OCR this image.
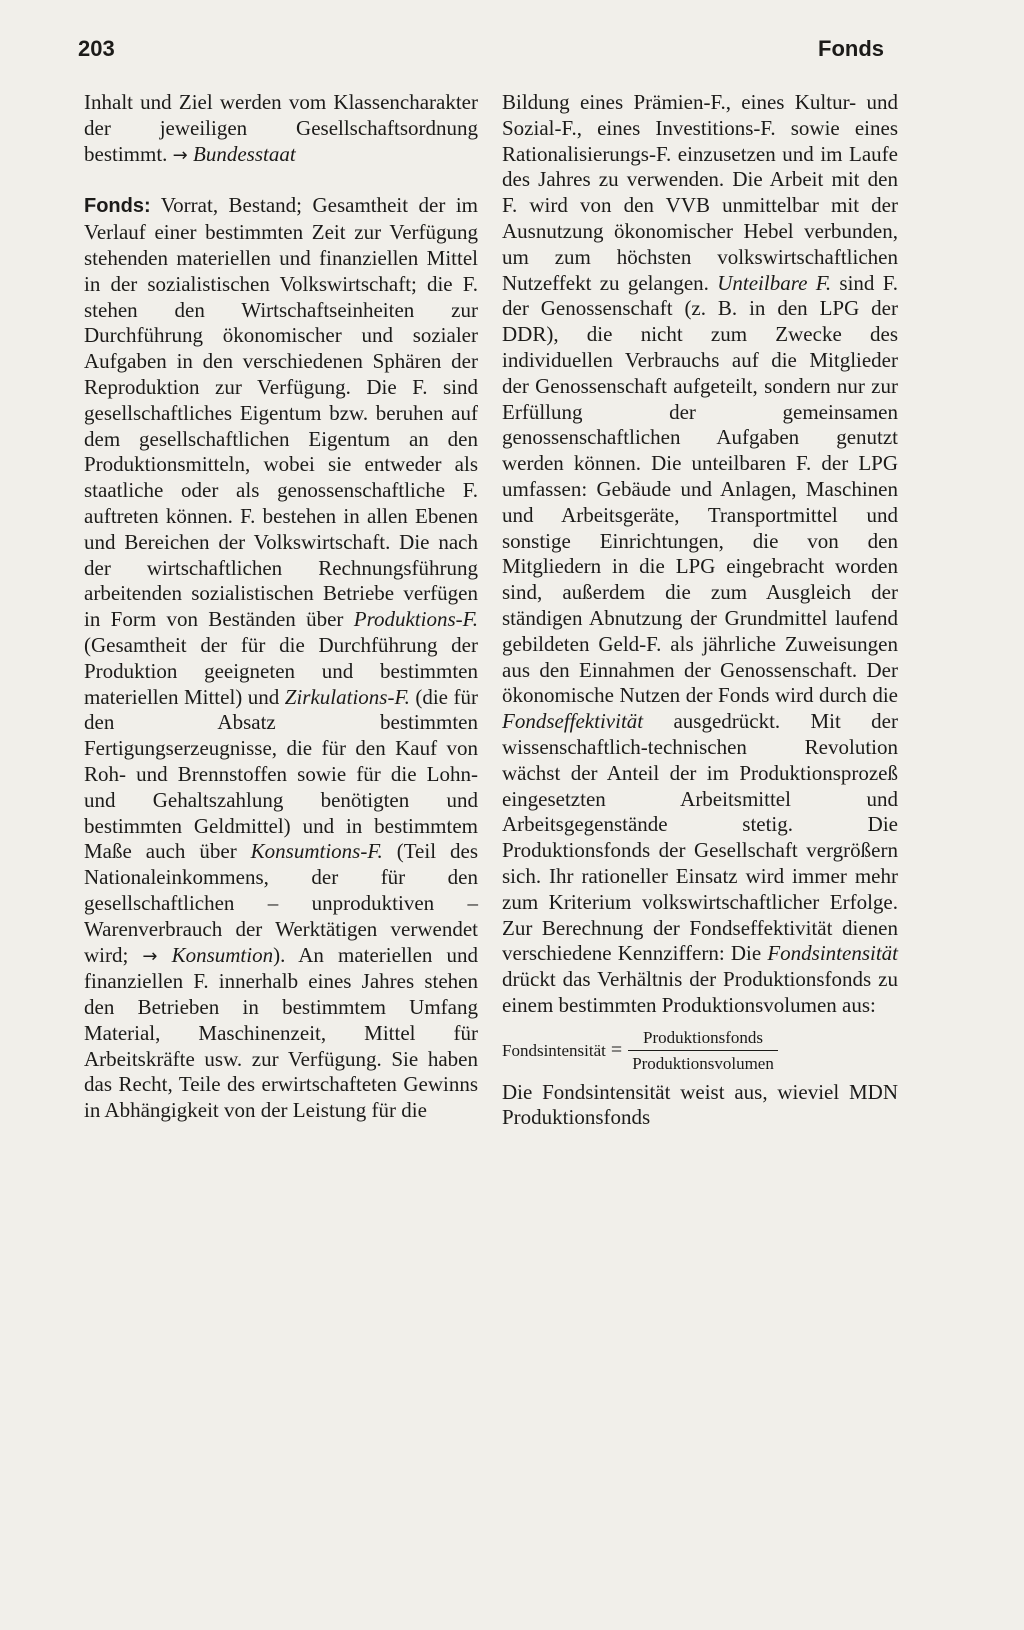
203	Fonds

Inhalt und Ziel werden vom Klassencharakter der jeweiligen Gesellschaftsordnung bestimmt. → Bundesstaat

Fonds: Vorrat, Bestand; Gesamtheit der im Verlauf einer bestimmten Zeit zur Verfügung stehenden materiellen und finanziellen Mittel in der sozialistischen Volkswirtschaft; die F. stehen den Wirtschaftseinheiten zur Durchführung ökonomischer und sozialer Aufgaben in den verschiedenen Sphären der Reproduktion zur Verfügung. Die F. sind gesellschaftliches Eigentum bzw. beruhen auf dem gesellschaftlichen Eigentum an den Produktionsmitteln, wobei sie entweder als staatliche oder als genossenschaftliche F. auftreten können. F. bestehen in allen Ebenen und Bereichen der Volkswirtschaft. Die nach der wirtschaftlichen Rechnungsführung arbeitenden sozialistischen Betriebe verfügen in Form von Beständen über Produktions-F. (Gesamtheit der für die Durchführung der Produktion geeigneten und bestimmten materiellen Mittel) und Zirkulations-F. (die für den Absatz bestimmten Fertigungserzeugnisse, die für den Kauf von Roh- und Brennstoffen sowie für die Lohn- und Gehaltszahlung benötigten und bestimmten Geldmittel) und in bestimmtem Maße auch über Konsumtions-F. (Teil des Nationaleinkommens, der für den gesellschaftlichen – unproduktiven – Warenverbrauch der Werktätigen verwendet wird; → Konsumtion). An materiellen und finanziellen F. innerhalb eines Jahres stehen den Betrieben in bestimmtem Umfang Material, Maschinenzeit, Mittel für Arbeitskräfte usw. zur Verfügung. Sie haben das Recht, Teile des erwirtschafteten Gewinns in Abhängigkeit von der Leistung für die

Bildung eines Prämien-F., eines Kultur- und Sozial-F., eines Investitions-F. sowie eines Rationalisierungs-F. einzusetzen und im Laufe des Jahres zu verwenden. Die Arbeit mit den F. wird von den VVB unmittelbar mit der Ausnutzung ökonomischer Hebel verbunden, um zum höchsten volkswirtschaftlichen Nutzeffekt zu gelangen. Unteilbare F. sind F. der Genossenschaft (z. B. in den LPG der DDR), die nicht zum Zwecke des individuellen Verbrauchs auf die Mitglieder der Genossenschaft aufgeteilt, sondern nur zur Erfüllung der gemeinsamen genossenschaftlichen Aufgaben genutzt werden können. Die unteilbaren F. der LPG umfassen: Gebäude und Anlagen, Maschinen und Arbeitsgeräte, Transportmittel und sonstige Einrichtungen, die von den Mitgliedern in die LPG eingebracht worden sind, außerdem die zum Ausgleich der ständigen Abnutzung der Grundmittel laufend gebildeten Geld-F. als jährliche Zuweisungen aus den Einnahmen der Genossenschaft. Der ökonomische Nutzen der Fonds wird durch die Fondseffektivität ausgedrückt. Mit der wissenschaftlich-technischen Revolution wächst der Anteil der im Produktionsprozeß eingesetzten Arbeitsmittel und Arbeitsgegenstände stetig. Die Produktionsfonds der Gesellschaft vergrößern sich. Ihr rationeller Einsatz wird immer mehr zum Kriterium volkswirtschaftlicher Erfolge. Zur Berechnung der Fondseffektivität dienen verschiedene Kennziffern: Die Fondsintensität drückt das Verhältnis der Produktionsfonds zu einem bestimmten Produktionsvolumen aus:

Fondsintensität = $\frac{\text{Produktionsfonds}}{\text{Produktionsvolumen}}$

Die Fondsintensität weist aus, wieviel MDN Produktionsfonds
